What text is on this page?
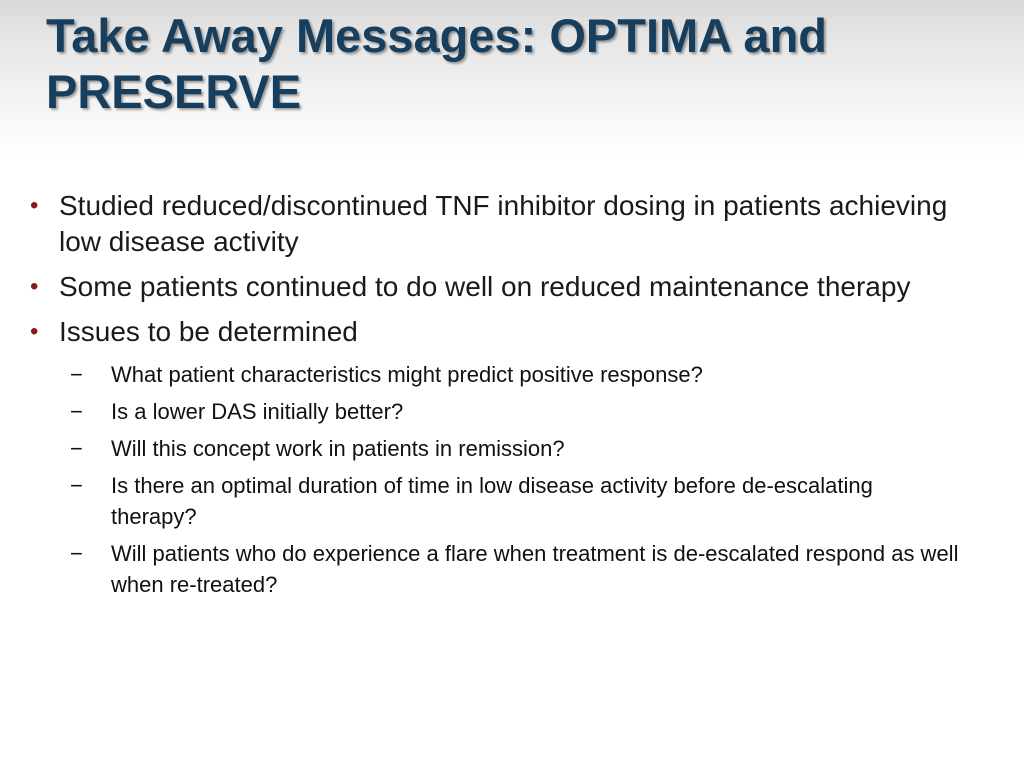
Take Away Messages: OPTIMA and PRESERVE
• Studied reduced/discontinued TNF inhibitor dosing in patients achieving low disease activity
• Some patients continued to do well on reduced maintenance therapy
• Issues to be determined
− What patient characteristics might predict positive response?
− Is a lower DAS initially better?
− Will this concept work in patients in remission?
− Is there an optimal duration of time in low disease activity before de-escalating therapy?
− Will patients who do experience a flare when treatment is de-escalated respond as well when re-treated?
